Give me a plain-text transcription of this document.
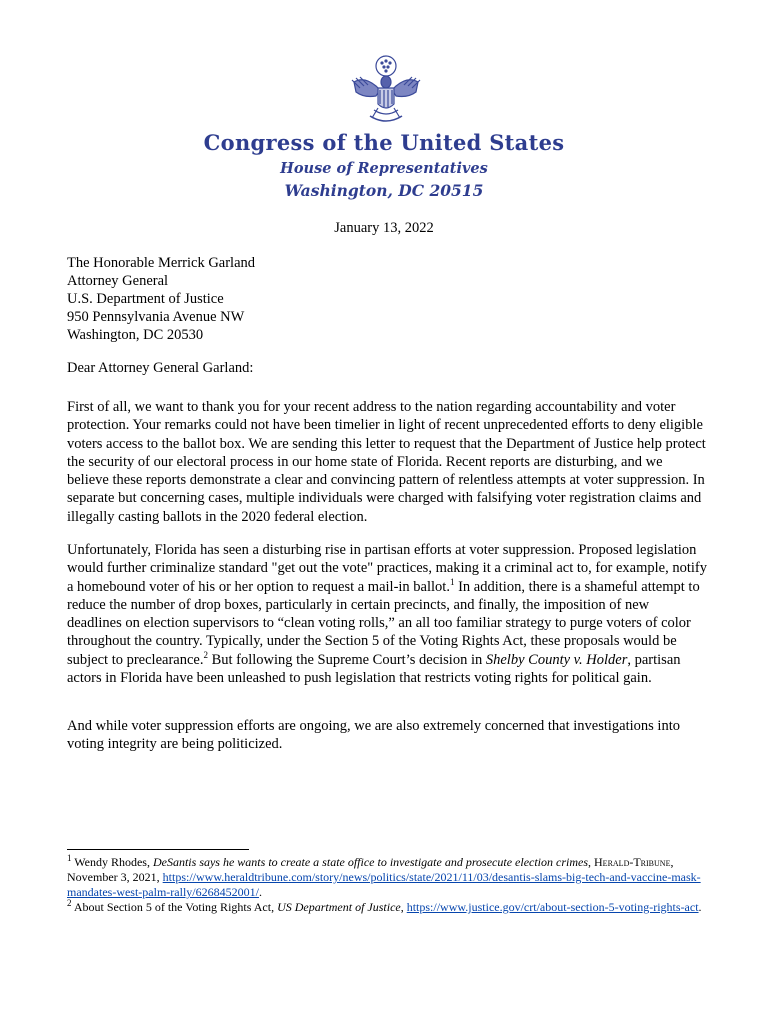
Congress of the United States
House of Representatives
Washington, DC 20515
January 13, 2022
The Honorable Merrick Garland
Attorney General
U.S. Department of Justice
950 Pennsylvania Avenue NW
Washington, DC 20530
Dear Attorney General Garland:

First of all, we want to thank you for your recent address to the nation regarding accountability and voter protection. Your remarks could not have been timelier in light of recent unprecedented efforts to deny eligible voters access to the ballot box. We are sending this letter to request that the Department of Justice help protect the security of our electoral process in our home state of Florida. Recent reports are disturbing, and we believe these reports demonstrate a clear and convincing pattern of relentless attempts at voter suppression. In separate but concerning cases, multiple individuals were charged with falsifying voter registration claims and illegally casting ballots in the 2020 federal election.

Unfortunately, Florida has seen a disturbing rise in partisan efforts at voter suppression. Proposed legislation would further criminalize standard "get out the vote" practices, making it a criminal act to, for example, notify a homebound voter of his or her option to request a mail-in ballot.$^1$ In addition, there is a shameful attempt to reduce the number of drop boxes, particularly in certain precincts, and finally, the imposition of new deadlines on election supervisors to “clean voting rolls,” an all too familiar strategy to purge voters of color throughout the country. Typically, under the Section 5 of the Voting Rights Act, these proposals would be subject to preclearance.$^2$ But following the Supreme Court’s decision in Shelby County v. Holder, partisan actors in Florida have been unleashed to push legislation that restricts voting rights for political gain.

And while voter suppression efforts are ongoing, we are also extremely concerned that investigations into voting integrity are being politicized.

$^1$ Wendy Rhodes, DeSantis says he wants to create a state office to investigate and prosecute election crimes, Herald-Tribune, November 3, 2021, https://www.heraldtribune.com/story/news/politics/state/2021/11/03/desantis-slams-big-tech-and-vaccine-mask-mandates-west-palm-rally/6268452001/.

$^2$ About Section 5 of the Voting Rights Act, US Department of Justice, https://www.justice.gov/crt/about-section-5-voting-rights-act.
